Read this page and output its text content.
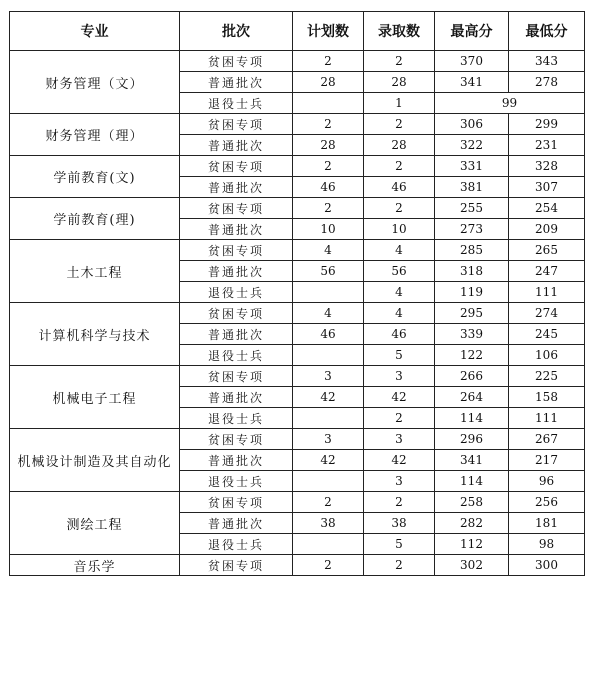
专业	批次	计划数	录取数	最高分	最低分
财务管理（文）	贫困专项	2	2	370	343
	普通批次	28	28	341	278
	退役士兵		1	99	
财务管理（理）	贫困专项	2	2	306	299
	普通批次	28	28	322	231
学前教育(文)	贫困专项	2	2	331	328
	普通批次	46	46	381	307
学前教育(理)	贫困专项	2	2	255	254
	普通批次	10	10	273	209
土木工程	贫困专项	4	4	285	265
	普通批次	56	56	318	247
	退役士兵		4	119	111
计算机科学与技术	贫困专项	4	4	295	274
	普通批次	46	46	339	245
	退役士兵		5	122	106
机械电子工程	贫困专项	3	3	266	225
	普通批次	42	42	264	158
	退役士兵		2	114	111
机械设计制造及其自动化	贫困专项	3	3	296	267
	普通批次	42	42	341	217
	退役士兵		3	114	96
测绘工程	贫困专项	2	2	258	256
	普通批次	38	38	282	181
	退役士兵		5	112	98
音乐学	贫困专项	2	2	302	300
